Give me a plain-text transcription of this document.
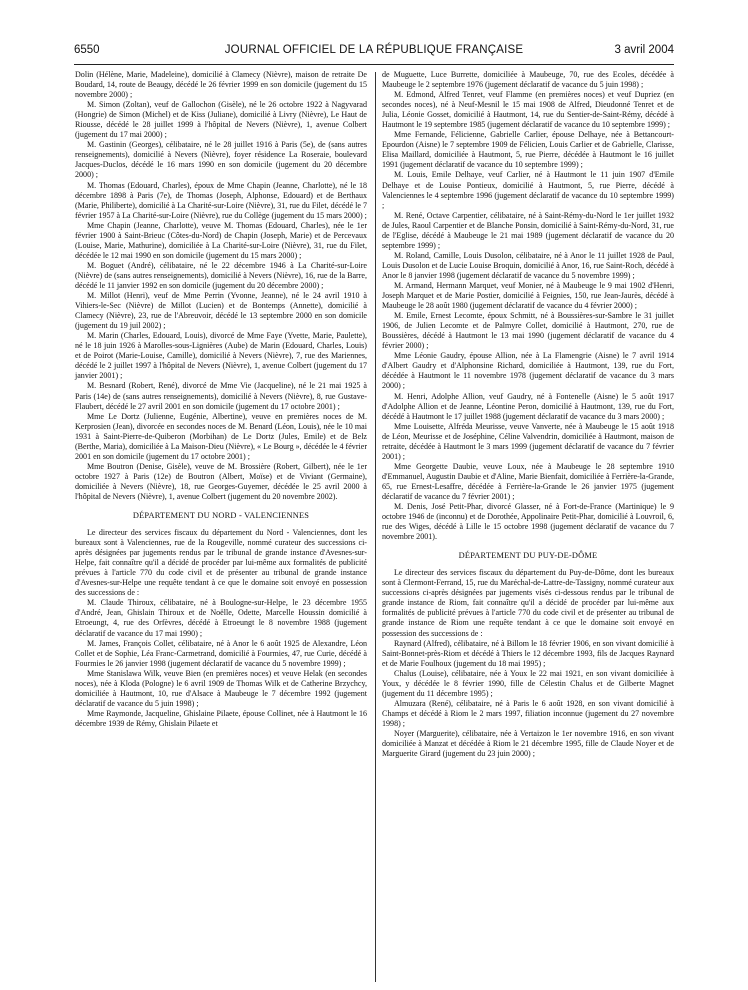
6550	JOURNAL OFFICIEL DE LA RÉPUBLIQUE FRANÇAISE	3 avril 2004

Dolin (Hélène, Marie, Madeleine), domicilié à Clamecy (Nièvre), maison de retraite De Boudard, 14, route de Beaugy, décédé le 26 février 1999 en son domicile (jugement du 15 novembre 2000) ;

M. Simon (Zoltan), veuf de Gallochon (Gisèle), né le 26 octobre 1922 à Nagyvarad (Hongrie) de Simon (Michel) et de Kiss (Juliane), domicilié à Livry (Nièvre), Le Haut de Riousse, décédé le 28 juillet 1999 à l'hôpital de Nevers (Nièvre), 1, avenue Colbert (jugement du 17 mai 2000) ;

M. Gastinin (Georges), célibataire, né le 28 juillet 1916 à Paris (5e), de (sans autres renseignements), domicilié à Nevers (Nièvre), foyer résidence La Roseraie, boulevard Jacques-Duclos, décédé le 16 mars 1990 en son domicile (jugement du 20 décembre 2000) ;

M. Thomas (Edouard, Charles), époux de Mme Chapin (Jeanne, Charlotte), né le 18 décembre 1898 à Paris (7e), de Thomas (Joseph, Alphonse, Edouard) et de Berthaux (Marie, Philiberte), domicilié à La Charité-sur-Loire (Nièvre), 31, rue du Filet, décédé le 7 février 1957 à La Charité-sur-Loire (Nièvre), rue du Collège (jugement du 15 mars 2000) ;

Mme Chapin (Jeanne, Charlotte), veuve M. Thomas (Edouard, Charles), née le 1er février 1900 à Saint-Brieuc (Côtes-du-Nord) de Chapin (Joseph, Marie) et de Percevaux (Louise, Marie, Mathurine), domiciliée à La Charité-sur-Loire (Nièvre), 31, rue du Filet, décédée le 12 mai 1990 en son domicile (jugement du 15 mars 2000) ;

M. Boguet (André), célibataire, né le 22 décembre 1946 à La Charité-sur-Loire (Nièvre) de (sans autres renseignements), domicilié à Nevers (Nièvre), 16, rue de la Barre, décédé le 11 janvier 1992 en son domicile (jugement du 20 décembre 2000) ;

M. Millot (Henri), veuf de Mme Perrin (Yvonne, Jeanne), né le 24 avril 1910 à Vihiers-le-Sec (Nièvre) de Millot (Lucien) et de Bontemps (Annette), domicilié à Clamecy (Nièvre), 23, rue de l'Abreuvoir, décédé le 13 septembre 2000 en son domicile (jugement du 19 juil 2002) ;

M. Marin (Charles, Edouard, Louis), divorcé de Mme Faye (Yvette, Marie, Paulette), né le 18 juin 1926 à Marolles-sous-Lignières (Aube) de Marin (Edouard, Charles, Louis) et de Poirot (Marie-Louise, Camille), domicilié à Nevers (Nièvre), 7, rue des Mariennes, décédé le 2 juillet 1997 à l'hôpital de Nevers (Nièvre), 1, avenue Colbert (jugement du 17 janvier 2001) ;

M. Besnard (Robert, René), divorcé de Mme Vie (Jacqueline), né le 21 mai 1925 à Paris (14e) de (sans autres renseignements), domicilié à Nevers (Nièvre), 8, rue Gustave-Flaubert, décédé le 27 avril 2001 en son domicile (jugement du 17 octobre 2001) ;

Mme Le Dortz (Julienne, Eugénie, Albertine), veuve en premières noces de M. Kerprosien (Jean), divorcée en secondes noces de M. Benard (Léon, Louis), née le 10 mai 1931 à Saint-Pierre-de-Quiberon (Morbihan) de Le Dortz (Jules, Emile) et de Belz (Berthe, Maria), domiciliée à La Maison-Dieu (Nièvre), « Le Bourg », décédée le 4 février 2001 en son domicile (jugement du 17 octobre 2001) ;

Mme Boutron (Denise, Gisèle), veuve de M. Brossière (Robert, Gilbert), née le 1er octobre 1927 à Paris (12e) de Boutron (Albert, Moïse) et de Viviant (Germaine), domiciliée à Nevers (Nièvre), 18, rue Georges-Guyemer, décédée le 25 avril 2000 à l'hôpital de Nevers (Nièvre), 1, avenue Colbert (jugement du 20 novembre 2002).

DÉPARTEMENT DU NORD - VALENCIENNES

Le directeur des services fiscaux du département du Nord - Valenciennes, dont les bureaux sont à Valenciennes, rue de la Rougeville, nommé curateur des successions ci-après désignées par jugements rendus par le tribunal de grande instance d'Avesnes-sur-Helpe, fait connaître qu'il a décidé de procéder par lui-même aux formalités de publicité prévues à l'article 770 du code civil et de présenter au tribunal de grande instance d'Avesnes-sur-Helpe une requête tendant à ce que le domaine soit envoyé en possession des successions de :

M. Claude Thiroux, célibataire, né à Boulogne-sur-Helpe, le 23 décembre 1955 d'André, Jean, Ghislain Thiroux et de Noëlle, Odette, Marcelle Houssin domicilié à Etroeungt, 4, rue des Orfèvres, décédé à Etroeungt le 8 novembre 1988 (jugement déclaratif de vacance du 17 mai 1990) ;

M. James, François Collet, célibataire, né à Anor le 6 août 1925 de Alexandre, Léon Collet et de Sophie, Léa Franc-Carmetrand, domicilié à Fourmies, 47, rue Curie, décédé à Fourmies le 26 janvier 1998 (jugement déclaratif de vacance du 5 novembre 1999) ;

Mme Stanislawa Wilk, veuve Bien (en premières noces) et veuve Helak (en secondes noces), née à Kloda (Pologne) le 6 avril 1909 de Thomas Wilk et de Catherine Brzychcy, domiciliée à Hautmont, 10, rue d'Alsace à Maubeuge le 7 décembre 1992 (jugement déclaratif de vacance du 5 juin 1998) ;

Mme Raymonde, Jacqueline, Ghislaine Pilaete, épouse Collinet, née à Hautmont le 16 décembre 1939 de Rémy, Ghislain Pilaete et

de Muguette, Luce Burrette, domiciliée à Maubeuge, 70, rue des Ecoles, décédée à Maubeuge le 2 septembre 1976 (jugement déclaratif de vacance du 5 juin 1998) ;

M. Edmond, Alfred Tenret, veuf Flamme (en premières noces) et veuf Dupriez (en secondes noces), né à Neuf-Mesnil le 15 mai 1908 de Alfred, Dieudonné Tenret et de Julia, Léonie Gosset, domicilié à Hautmont, 14, rue du Sentier-de-Saint-Rémy, décédé à Hautmont le 19 septembre 1985 (jugement déclaratif de vacance du 10 septembre 1999) ;

Mme Fernande, Félicienne, Gabrielle Carlier, épouse Delhaye, née à Bettancourt-Epourdon (Aisne) le 7 septembre 1909 de Félicien, Louis Carlier et de Gabrielle, Clarisse, Elisa Maillard, domiciliée à Hautmont, 5, rue Pierre, décédée à Hautmont le 16 juillet 1991 (jugement déclaratif de vacance du 10 septembre 1999) ;

M. Louis, Emile Delhaye, veuf Carlier, né à Hautmont le 11 juin 1907 d'Emile Delhaye et de Louise Pontieux, domicilié à Hautmont, 5, rue Pierre, décédé à Valenciennes le 4 septembre 1996 (jugement déclaratif de vacance du 10 septembre 1999) ;

M. René, Octave Carpentier, célibataire, né à Saint-Rémy-du-Nord le 1er juillet 1932 de Jules, Raoul Carpentier et de Blanche Ponsin, domicilié à Saint-Rémy-du-Nord, 31, rue de l'Eglise, décédé à Maubeuge le 21 mai 1989 (jugement déclaratif de vacance du 20 septembre 1999) ;

M. Roland, Camille, Louis Dusolon, célibataire, né à Anor le 11 juillet 1928 de Paul, Louis Dusolon et de Lucie Louise Broquin, domicilié à Anor, 16, rue Saint-Roch, décédé à Anor le 8 janvier 1998 (jugement déclaratif de vacance du 5 novembre 1999) ;

M. Armand, Hermann Marquet, veuf Monier, né à Maubeuge le 9 mai 1902 d'Henri, Joseph Marquet et de Marie Postier, domicilié à Feignies, 150, rue Jean-Jaurès, décédé à Maubeuge le 28 août 1980 (jugement déclaratif de vacance du 4 février 2000) ;

M. Emile, Ernest Lecomte, époux Schmitt, né à Boussières-sur-Sambre le 31 juillet 1906, de Julien Lecomte et de Palmyre Collet, domicilié à Hautmont, 270, rue de Boussières, décédé à Hautmont le 13 mai 1990 (jugement déclaratif de vacance du 4 février 2000) ;

Mme Léonie Gaudry, épouse Allion, née à La Flamengrie (Aisne) le 7 avril 1914 d'Albert Gaudry et d'Alphonsine Richard, domiciliée à Hautmont, 139, rue du Fort, décédée à Hautmont le 11 novembre 1978 (jugement déclaratif de vacance du 3 mars 2000) ;

M. Henri, Adolphe Allion, veuf Gaudry, né à Fontenelle (Aisne) le 5 août 1917 d'Adolphe Allion et de Jeanne, Léontine Peron, domicilié à Hautmont, 139, rue du Fort, décédé à Hautmont le 17 juillet 1988 (jugement déclaratif de vacance du 3 mars 2000) ;

Mme Louisette, Alfréda Meurisse, veuve Vanverte, née à Maubeuge le 15 août 1918 de Léon, Meurisse et de Joséphine, Céline Valvendrin, domiciliée à Hautmont, maison de retraite, décédée à Hautmont le 3 mars 1999 (jugement déclaratif de vacance du 7 février 2001) ;

Mme Georgette Daubie, veuve Loux, née à Maubeuge le 28 septembre 1910 d'Emmanuel, Augustin Daubie et d'Aline, Marie Bienfait, domiciliée à Ferrière-la-Grande, 65, rue Ernest-Lesaffre, décédée à Ferrière-la-Grande le 26 janvier 1975 (jugement déclaratif de vacance du 7 février 2001) ;

M. Denis, José Petit-Phar, divorcé Glasser, né à Fort-de-France (Martinique) le 9 octobre 1946 de (inconnu) et de Dorothée, Appolinaire Petit-Phar, domicilié à Louvroil, 6, rue des Wiges, décédé à Lille le 15 octobre 1998 (jugement déclaratif de vacance du 7 novembre 2001).

DÉPARTEMENT DU PUY-DE-DÔME

Le directeur des services fiscaux du département du Puy-de-Dôme, dont les bureaux sont à Clermont-Ferrand, 15, rue du Maréchal-de-Lattre-de-Tassigny, nommé curateur aux successions ci-après désignées par jugements visés ci-dessous rendus par le tribunal de grande instance de Riom, fait connaître qu'il a décidé de procéder par lui-même aux formalités de publicité prévues à l'article 770 du code civil et de présenter au tribunal de grande instance de Riom une requête tendant à ce que le domaine soit envoyé en possession des successions de :

Raynard (Alfred), célibataire, né à Billom le 18 février 1906, en son vivant domicilié à Saint-Bonnet-près-Riom et décédé à Thiers le 12 décembre 1993, fils de Jacques Raynard et de Marie Foulhoux (jugement du 18 mai 1995) ;

Chalus (Louise), célibataire, née à Youx le 22 mai 1921, en son vivant domiciliée à Youx, y décédée le 8 février 1990, fille de Célestin Chalus et de Gilberte Magnet (jugement du 11 décembre 1995) ;

Almuzara (René), célibataire, né à Paris le 6 août 1928, en son vivant domicilié à Champs et décédé à Riom le 2 mars 1997, filiation inconnue (jugement du 27 novembre 1998) ;

Noyer (Marguerite), célibataire, née à Vertaizon le 1er novembre 1916, en son vivant domiciliée à Manzat et décédée à Riom le 21 décembre 1995, fille de Claude Noyer et de Marguerite Girard (jugement du 23 juin 2000) ;
